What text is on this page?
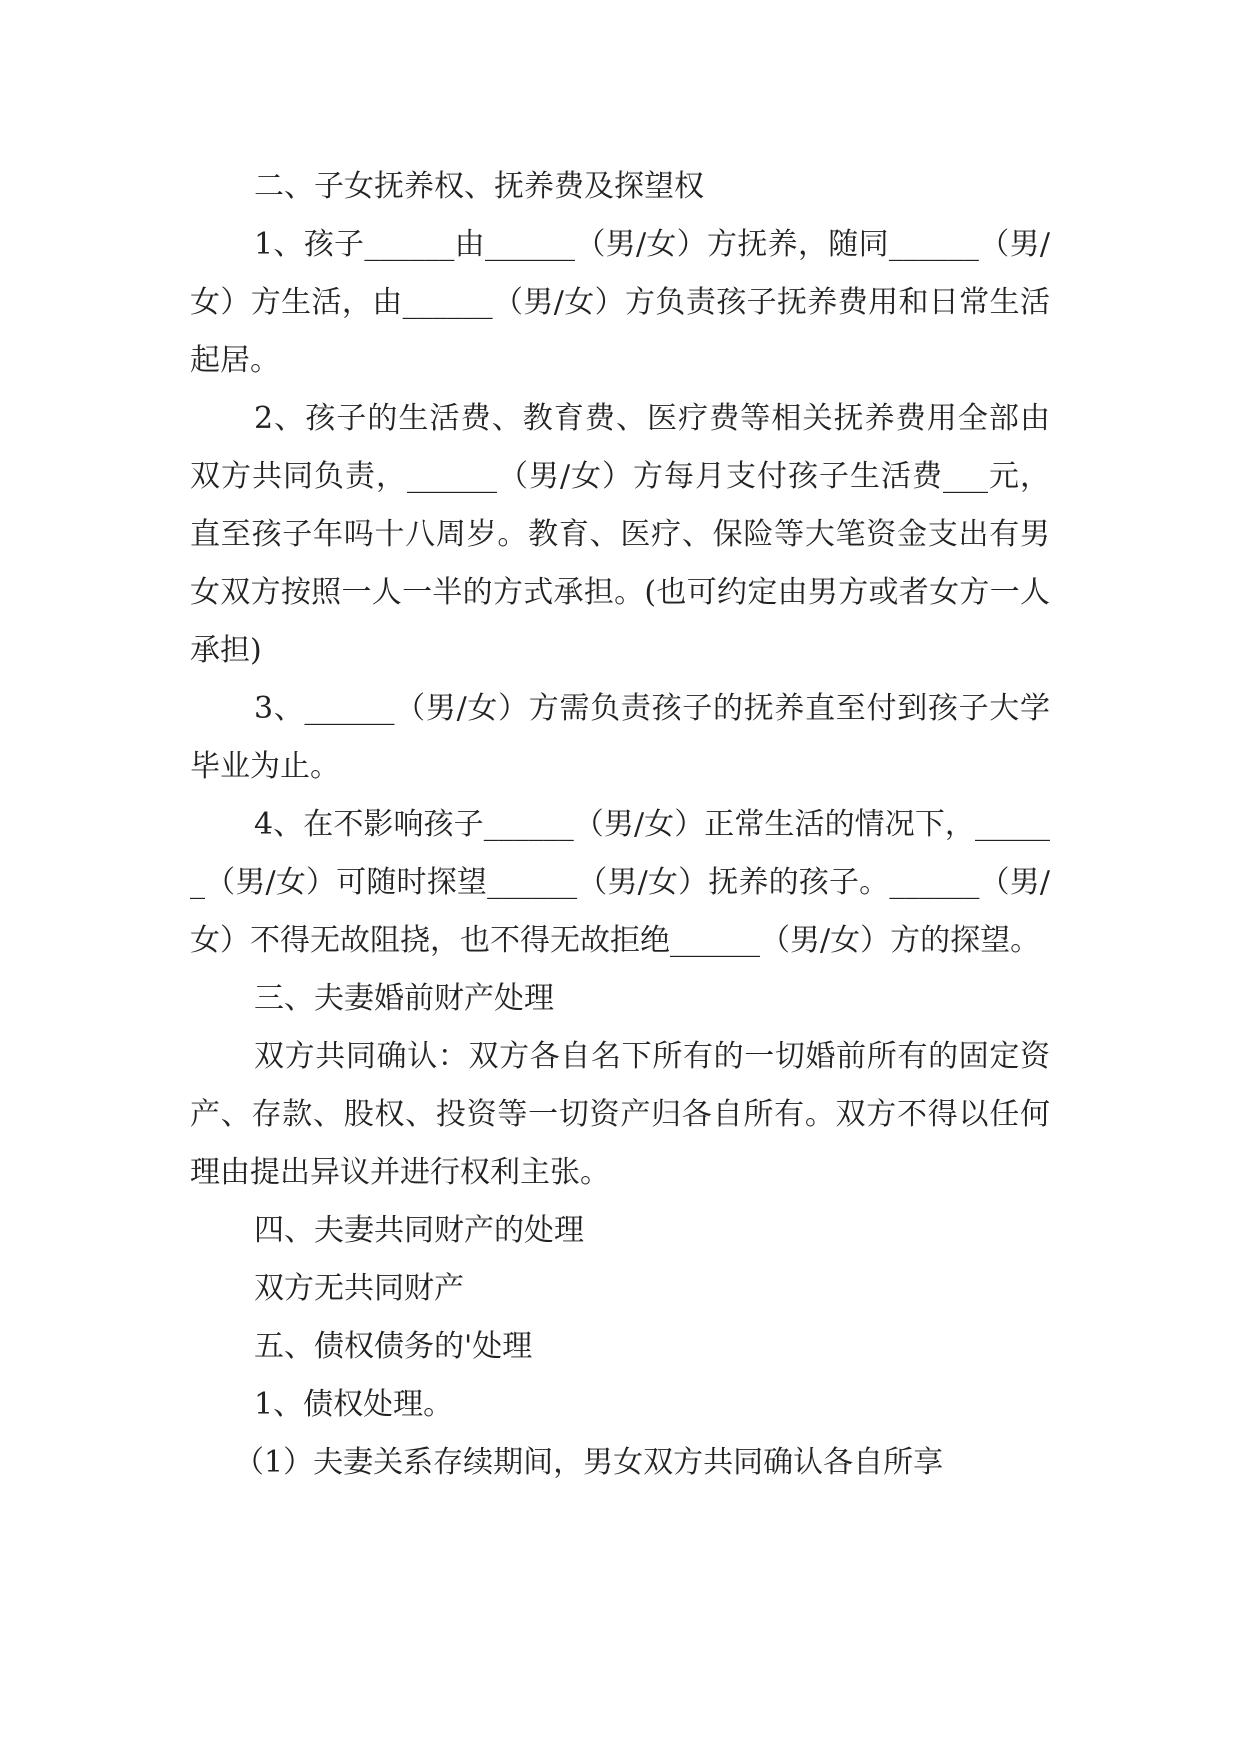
二、子女抚养权、抚养费及探望权

1、孩子______由______（男/女）方抚养，随同______（男/女）方生活，由______（男/女）方负责孩子抚养费用和日常生活起居。

2、孩子的生活费、教育费、医疗费等相关抚养费用全部由双方共同负责，______（男/女）方每月支付孩子生活费___元，直至孩子年吗十八周岁。教育、医疗、保险等大笔资金支出有男女双方按照一人一半的方式承担。(也可约定由男方或者女方一人承担)

3、______（男/女）方需负责孩子的抚养直至付到孩子大学毕业为止。

4、在不影响孩子______（男/女）正常生活的情况下，______（男/女）可随时探望______（男/女）抚养的孩子。______（男/女）不得无故阻挠，也不得无故拒绝______（男/女）方的探望。

三、夫妻婚前财产处理

双方共同确认：双方各自名下所有的一切婚前所有的固定资产、存款、股权、投资等一切资产归各自所有。双方不得以任何理由提出异议并进行权利主张。

四、夫妻共同财产的处理

双方无共同财产

五、债权债务的'处理

1、债权处理。

（1）夫妻关系存续期间，男女双方共同确认各自所享
